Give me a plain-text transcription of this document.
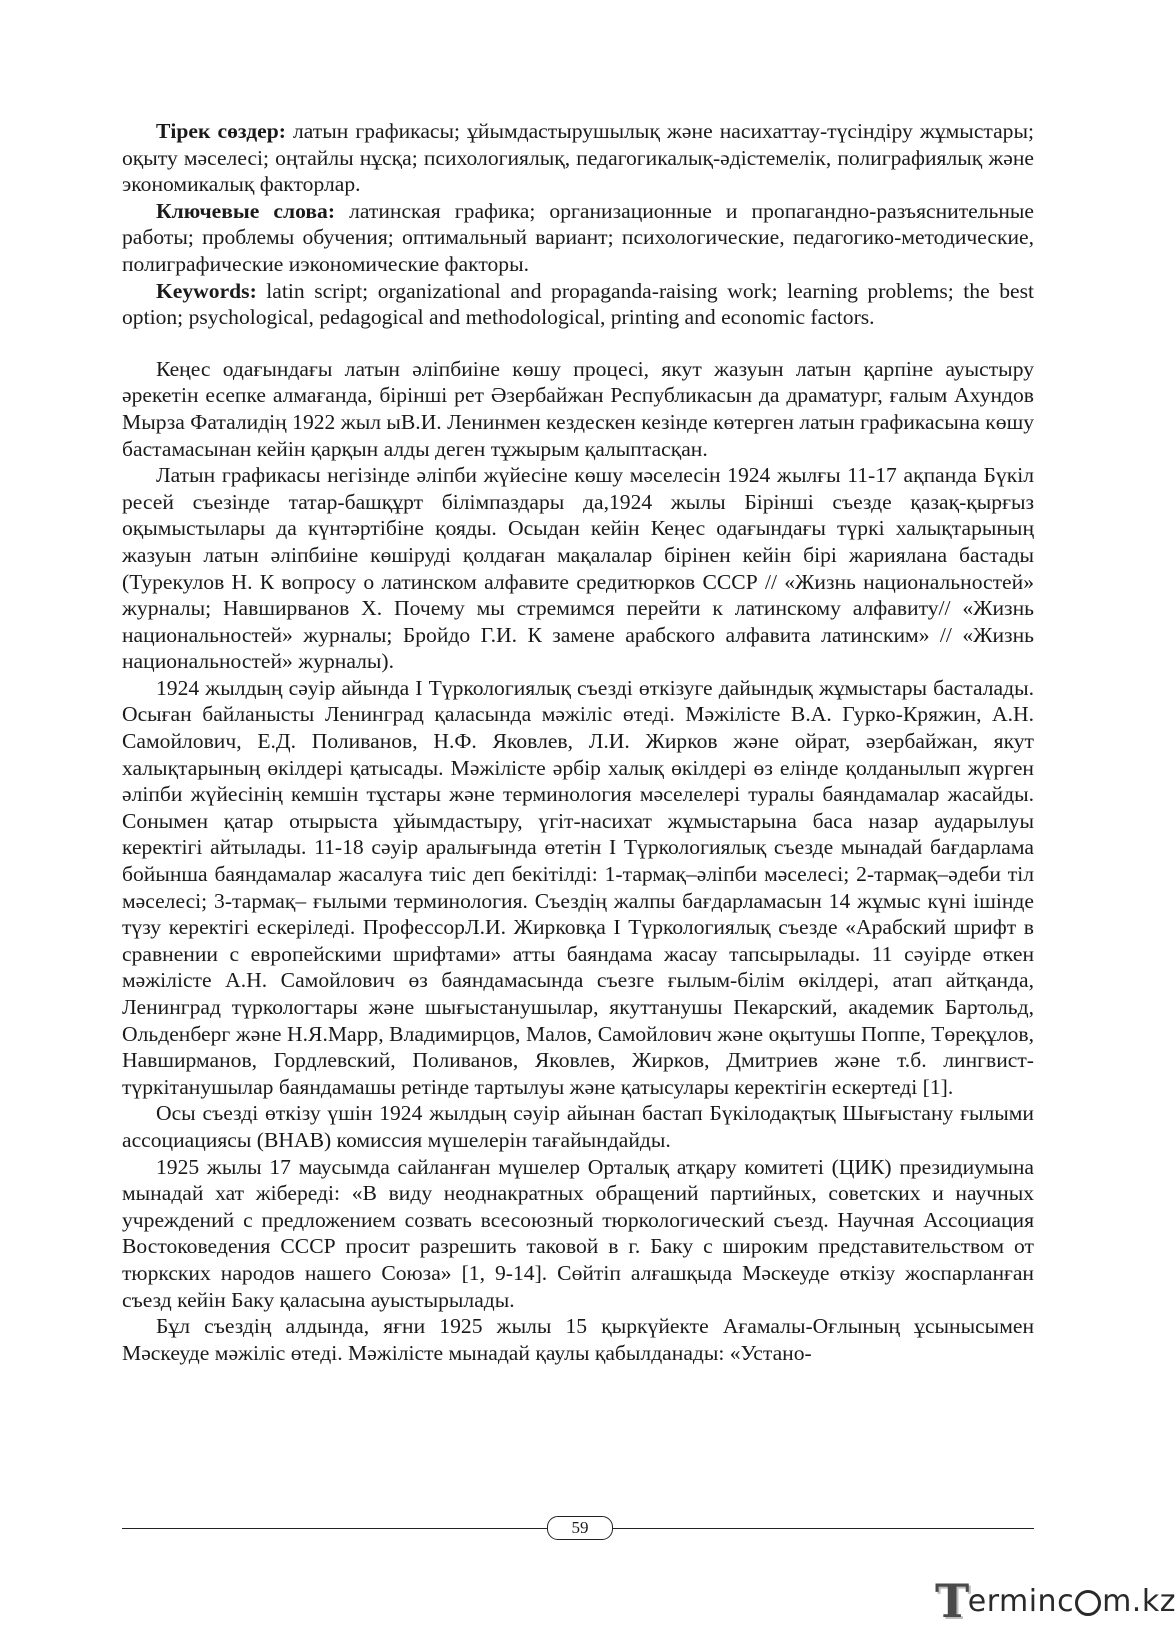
Тірек сөздер: латын графикасы; ұйымдастырушылық және насихаттау-түсіндіру жұмыстары; оқыту мәселесі; оңтайлы нұсқа; психологиялық, педагогикалық-әдістемелік, полиграфиялық және экономикалық факторлар.

Ключевые слова: латинская графика; организационные и пропагандно-разъяснительные работы; проблемы обучения; оптимальный вариант; психологические, педагогико-методические, полиграфические иэкономические факторы.

Keywords: latin script; organizational and propaganda-raising work; learning problems; the best option; psychological, pedagogical and methodological, printing and economic factors.

Кеңес одағындағы латын әліпбиіне көшу процесі, якут жазуын латын қарпіне ауыстыру әрекетін есепке алмағанда, бірінші рет Әзербайжан Республикасын да драматург, ғалым Ахундов Мырза Фаталидің 1922 жыл ыВ.И. Ленинмен кездескен кезінде көтерген латын графикасына көшу бастамасынан кейін қарқын алды деген тұжырым қалыптасқан.

Латын графикасы негізінде әліпби жүйесіне көшу мәселесін 1924 жылғы 11-17 ақпанда Бүкіл ресей съезінде татар-башқұрт білімпаздары да,1924 жылы Бірінші съезде қазақ-қырғыз оқымыстылары да күнтәртібіне қояды. Осыдан кейін Кеңес одағындағы түркі халықтарының жазуын латын әліпбиіне көшіруді қолдаған мақалалар бірінен кейін бірі жариялана бастады (Турекулов Н. К вопросу о латинском алфавите средитюрков СССР // «Жизнь национальностей» журналы; Навширванов Х. Почему мы стремимся перейти к латинскому алфавиту// «Жизнь национальностей» журналы; Бройдо Г.И. К замене арабского алфавита латинским» // «Жизнь национальностей» журналы).

1924 жылдың сәуір айында I Түркологиялық съезді өткізуге дайындық жұмыстары басталады. Осыған байланысты Ленинград қаласында мәжіліс өтеді. Мәжілісте В.А. Гурко-Кряжин, А.Н. Самойлович, Е.Д. Поливанов, Н.Ф. Яковлев, Л.И. Жирков және ойрат, әзербайжан, якут халықтарының өкілдері қатысады. Мәжілісте әрбір халық өкілдері өз елінде қолданылып жүрген әліпби жүйесінің кемшін тұстары және терминология мәселелері туралы баяндамалар жасайды. Сонымен қатар отырыста ұйымдастыру, үгіт-насихат жұмыстарына баса назар аударылуы керектігі айтылады. 11-18 сәуір аралығында өтетін I Түркологиялық съезде мынадай бағдарлама бойынша баяндамалар жасалуға тиіс деп бекітілді: 1-тармақ–әліпби мәселесі; 2-тармақ–әдеби тіл мәселесі; 3-тармақ– ғылыми терминология. Съездің жалпы бағдарламасын 14 жұмыс күні ішінде түзу керектігі ескеріледі. ПрофессорЛ.И. Жирковқа I Түркологиялық съезде «Арабский шрифт в сравнении с европейскими шрифтами» атты баяндама жасау тапсырылады. 11 сәуірде өткен мәжілісте А.Н. Самойлович өз баяндамасында съезге ғылым-білім өкілдері, атап айтқанда, Ленинград түркологтары және шығыстанушылар, якуттанушы Пекарский, академик Бартольд, Ольденберг және Н.Я.Марр, Владимирцов, Малов, Самойлович және оқытушы Поппе, Төреқұлов, Навширманов, Гордлевский, Поливанов, Яковлев, Жирков, Дмитриев және т.б. лингвист-түркітанушылар баяндамашы ретінде тартылуы және қатысулары керектігін ескертеді [1].

Осы съезді өткізу үшін 1924 жылдың сәуір айынан бастап Бүкілодақтық Шығыстану ғылыми ассоциациясы (ВНАВ) комиссия мүшелерін тағайындайды.

1925 жылы 17 маусымда сайланған мүшелер Орталық атқару комитеті (ЦИК) президиумына мынадай хат жібереді: «В виду неоднакратных обращений партийных, советских и научных учреждений с предложением созвать всесоюзный тюркологический съезд. Научная Ассоциация Востоковедения СССР просит разрешить таковой в г. Баку с широким представительством от тюркских народов нашего Союза» [1, 9-14]. Сөйтіп алғашқыда Мәскеуде өткізу жоспарланған съезд кейін Баку қаласына ауыстырылады.

Бұл съездің алдында, яғни 1925 жылы 15 қыркүйекте Ағамалы-Оғлының ұсынысымен Мәскеуде мәжіліс өтеді. Мәжілісте мынадай қаулы қабылданады: «Устано-

59
T
erminc m.kz
